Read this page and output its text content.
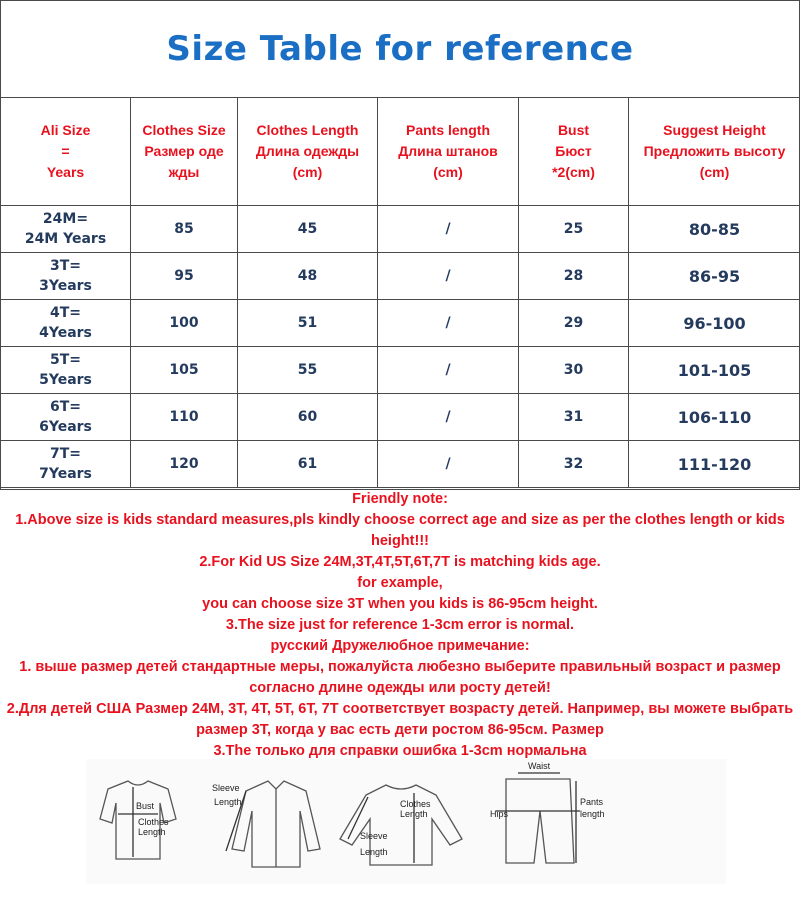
Size Table for reference
Ali Size
=
Years	Clothes Size
Размер оде
жды	Clothes Length
Длина одежды
(cm)	Pants length
Длина штанов
(cm)	Bust
Бюст
*2(cm)	Suggest Height
Предложить высоту
(cm)

24M=
24M Years	85	45	/	25	80-85

3T=
3Years	95	48	/	28	86-95

4T=
4Years	100	51	/	29	96-100

5T=
5Years	105	55	/	30	101-105

6T=
6Years	110	60	/	31	106-110

7T=
7Years	120	61	/	32	111-120

Friendly note:

1.Above size is kids standard measures,pls kindly choose correct age and size as per the clothes length or kids height!!!

2.For Kid US Size 24M,3T,4T,5T,6T,7T is matching kids age.

for example,

you can choose size 3T when you kids is 86-95cm height.

3.The size just for reference 1-3cm error is normal.

русский Дружелюбное примечание:

1. выше размер детей стандартные меры, пожалуйста любезно выберите правильный возраст и размер согласно длине одежды или росту детей!

2.Для детей США Размер 24M, 3T, 4T, 5T, 6T, 7T соответствует возрасту детей. Например, вы можете выбрать размер 3T, когда у вас есть дети ростом 86-95см. Размер

3.The только для справки ошибка 1-3cm нормальна

Bust
Clothes
Length
Sleeve
Length	Clothes
Length
Sleeve
Length
Waist
Hips
Pants
length
